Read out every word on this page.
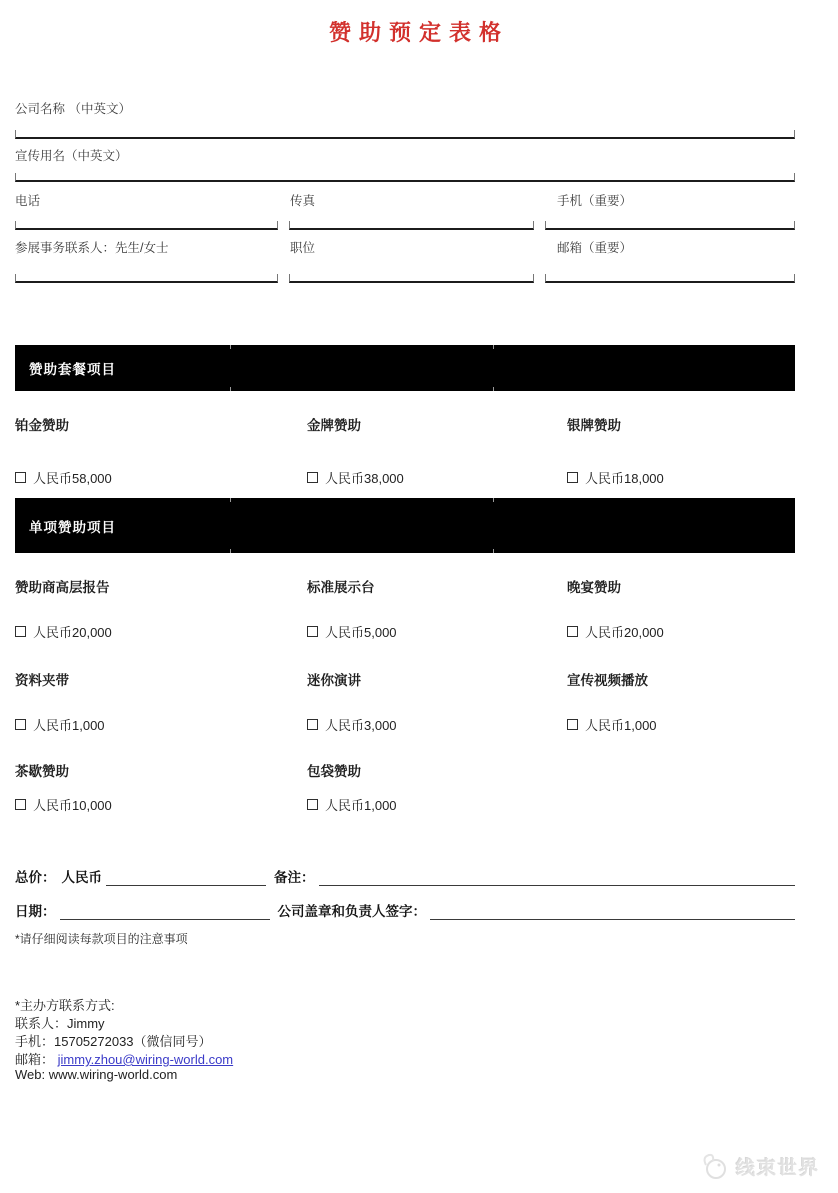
赞助预定表格
公司名称 （中英文）
宣传用名（中英文）
电话	传真	手机（重要）
参展事务联系人：先生/女士	职位	邮箱（重要）
赞助套餐项目
铂金赞助
人民币58,000
金牌赞助
人民币38,000
银牌赞助
人民币18,000
单项赞助项目
赞助商高层报告
人民币20,000
标准展示台
人民币5,000
晚宴赞助
人民币20,000
资料夹带
人民币1,000
迷你演讲
人民币3,000
宣传视频播放
人民币1,000
茶歇赞助
人民币10,000
包袋赞助
人民币1,000
总价： 人民币	备注：
日期：	公司盖章和负责人签字：
*请仔细阅读每款项目的注意事项
*主办方联系方式:
联系人：Jimmy
手机：15705272033（微信同号）
邮箱： jimmy.zhou@wiring-world.com
Web: www.wiring-world.com
线束世界
